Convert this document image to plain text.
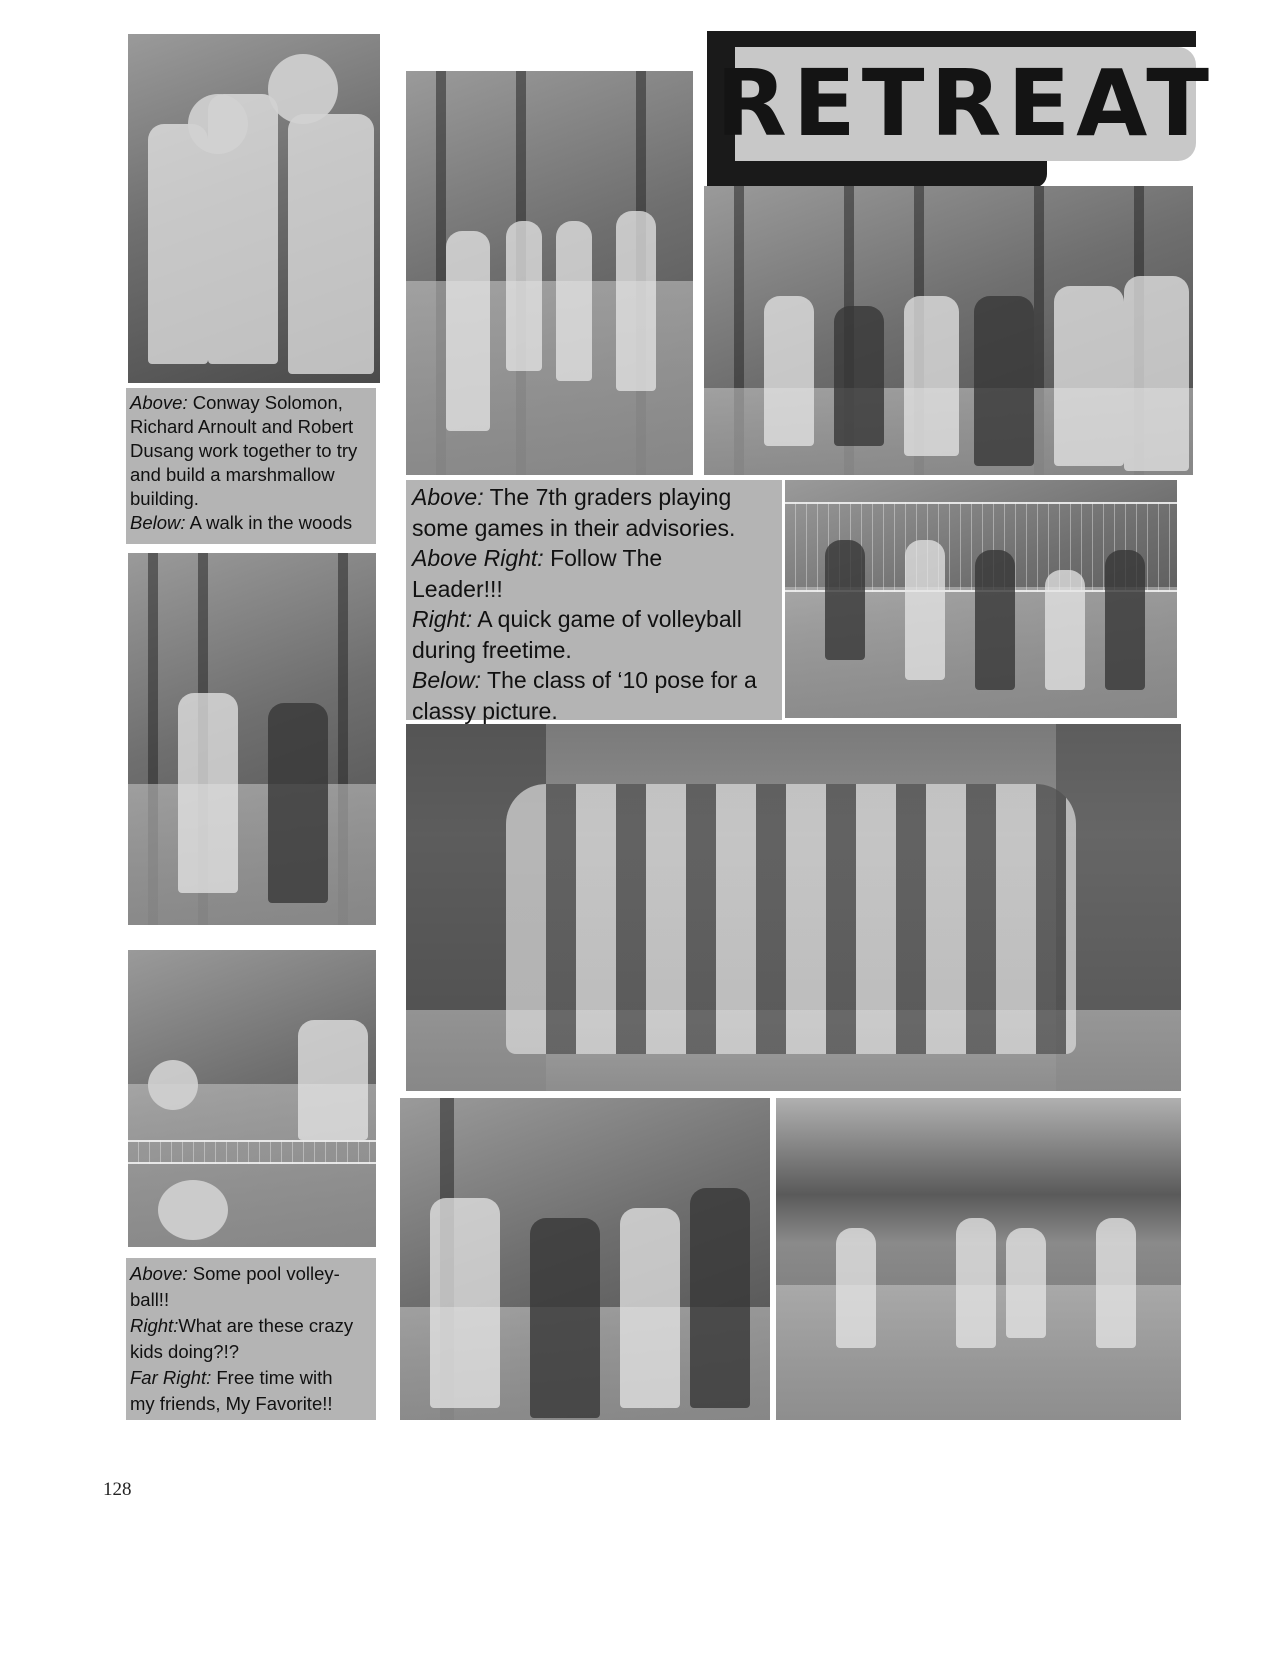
RETREAT
Above: Conway Solomon,
Richard Arnoult and Robert
Dusang work together to try
and build a marshmallow
building.
Below: A walk in the woods
Above: Some pool volley-
ball!!
Right:What are these crazy
kids doing?!?
Far Right: Free time with
my friends, My Favorite!!
Above: The 7th graders playing
some games in their advisories.
Above Right: Follow The
Leader!!!
Right: A quick game of volleyball
during freetime.
Below: The class of ‘10 pose for a
classy picture.
128
